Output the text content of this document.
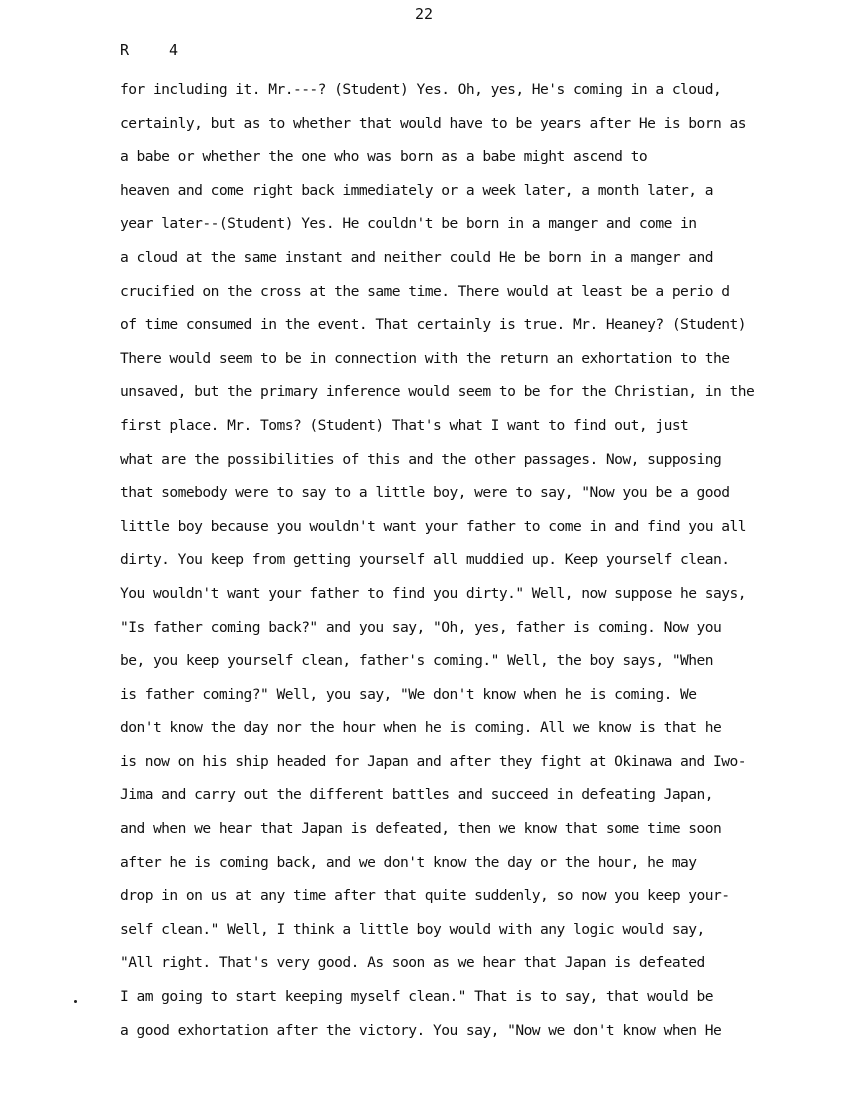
22
R	4
for including it. Mr.---? (Student) Yes. Oh, yes, He's coming in a cloud,
certainly, but as to whether that would have to be years after He is born as
a babe or whether the one who was born as a babe might ascend to
heaven and come right back immediately or a week later, a month later, a
year later--(Student) Yes. He couldn't be born in a manger and come in
a cloud at the same instant and neither could He be born in a manger and
crucified on the cross at the same time. There would at least be a perio d
of time consumed in the event. That certainly is true. Mr. Heaney? (Student)
There would seem to be in connection with the return an exhortation to the
unsaved, but the primary inference would seem to be for the Christian, in the
first place. Mr. Toms? (Student) That's what I want to find out, just
what are the possibilities of this and the other passages. Now, supposing
that somebody were to say to a little boy, were to say, "Now you be a good
little boy because you wouldn't want your father to come in and find you all
dirty. You keep from getting yourself all muddied up. Keep yourself clean.
You wouldn't want your father to find you dirty." Well, now suppose he says,
"Is father coming back?" and you say, "Oh, yes, father is coming. Now you
be, you keep yourself clean, father's coming." Well, the boy says, "When
is father coming?" Well, you say, "We don't know when he is coming. We
don't know the day nor the hour when he is coming. All we know is that he
is now on his ship headed for Japan and after they fight at Okinawa and Iwo-
Jima and carry out the different battles and succeed in defeating Japan,
and when we hear that Japan is defeated, then we know that some time soon
after he is coming back, and we don't know the day or the hour, he may
drop in on us at any time after that quite suddenly, so now you keep your-
self clean." Well, I think a little boy would with any logic would say,
"All right. That's very good. As soon as we hear that Japan is defeated
I am going to start keeping myself clean." That is to say, that would be
a good exhortation after the victory. You say, "Now we don't know when He
